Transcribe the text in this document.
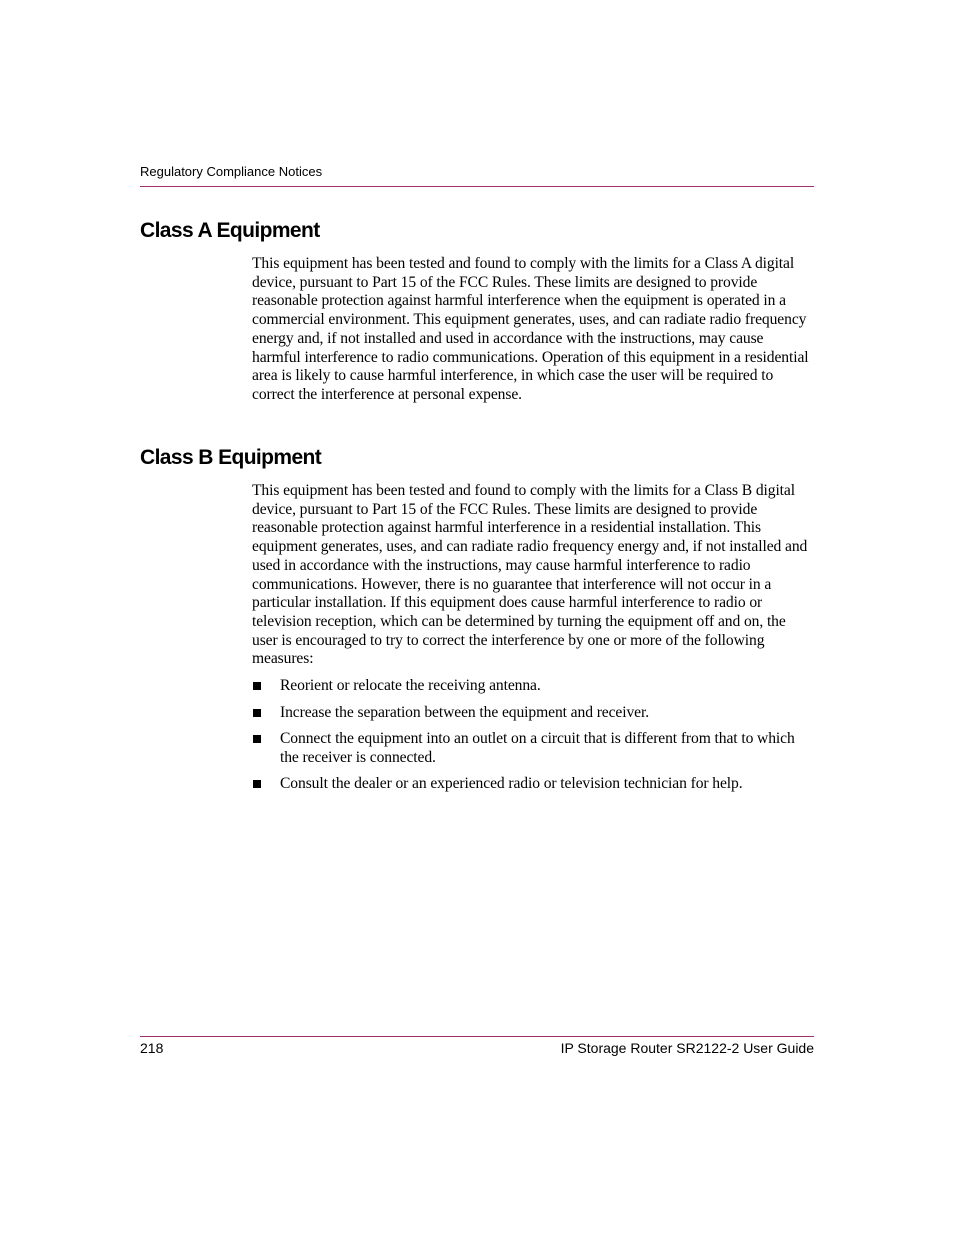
Regulatory Compliance Notices
Class A Equipment

This equipment has been tested and found to comply with the limits for a Class A digital device, pursuant to Part 15 of the FCC Rules. These limits are designed to provide reasonable protection against harmful interference when the equipment is operated in a commercial environment. This equipment generates, uses, and can radiate radio frequency energy and, if not installed and used in accordance with the instructions, may cause harmful interference to radio communications. Operation of this equipment in a residential area is likely to cause harmful interference, in which case the user will be required to correct the interference at personal expense.

Class B Equipment

This equipment has been tested and found to comply with the limits for a Class B digital device, pursuant to Part 15 of the FCC Rules. These limits are designed to provide reasonable protection against harmful interference in a residential installation. This equipment generates, uses, and can radiate radio frequency energy and, if not installed and used in accordance with the instructions, may cause harmful interference to radio communications. However, there is no guarantee that interference will not occur in a particular installation. If this equipment does cause harmful interference to radio or television reception, which can be determined by turning the equipment off and on, the user is encouraged to try to correct the interference by one or more of the following measures:

Reorient or relocate the receiving antenna.
Increase the separation between the equipment and receiver.
Connect the equipment into an outlet on a circuit that is different from that to which the receiver is connected.
Consult the dealer or an experienced radio or television technician for help.
218	IP Storage Router SR2122-2 User Guide
